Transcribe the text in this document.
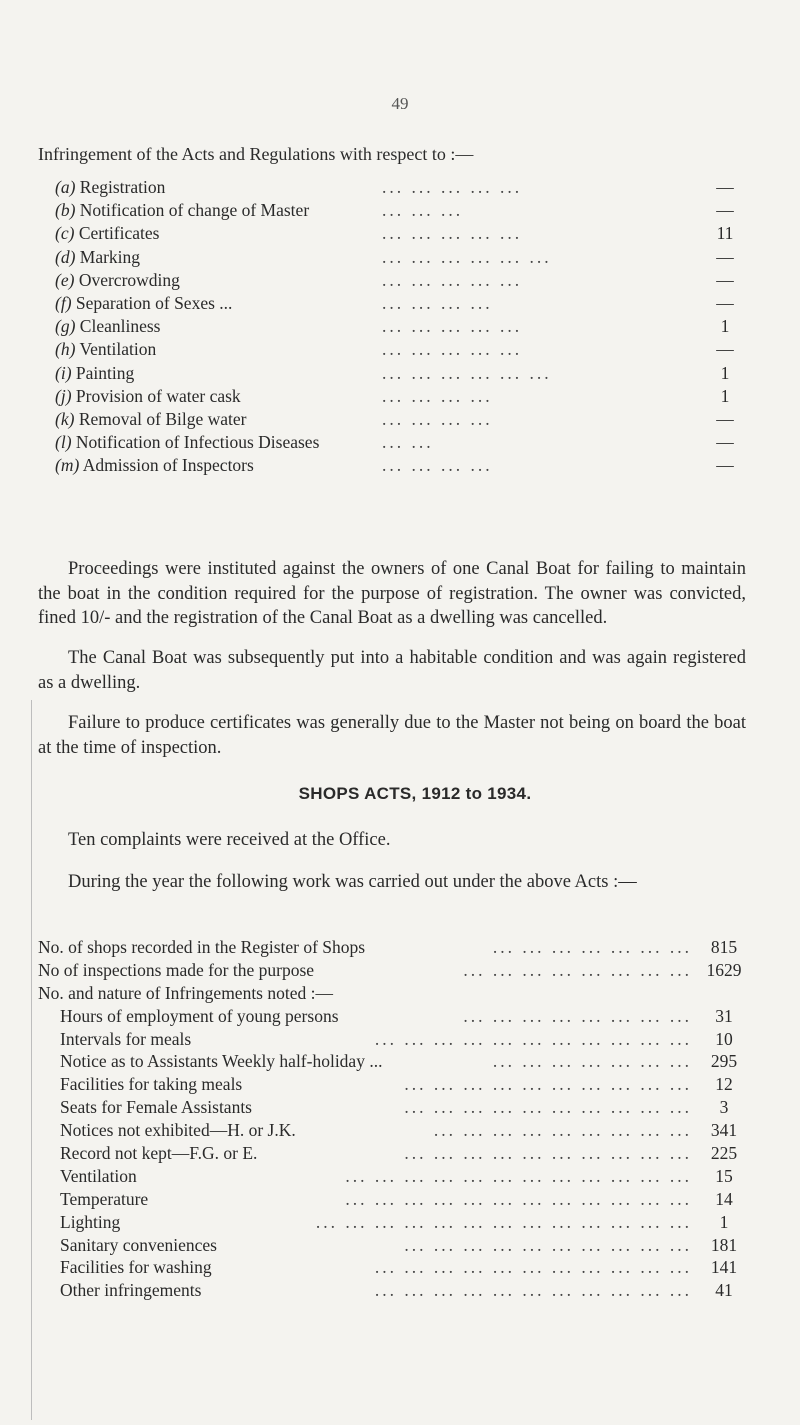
49
Infringement of the Acts and Regulations with respect to :—
(a) Registration	... ... ... ... ...	—
(b) Notification of change of Master	... ... ...	—
(c) Certificates	... ... ... ... ...	11
(d) Marking	... ... ... ... ... ...	—
(e) Overcrowding	... ... ... ... ...	—
(f) Separation of Sexes ...	... ... ... ...	—
(g) Cleanliness	... ... ... ... ...	1
(h) Ventilation	... ... ... ... ...	—
(i) Painting	... ... ... ... ... ...	1
(j) Provision of water cask	... ... ... ...	1
(k) Removal of Bilge water	... ... ... ...	—
(l) Notification of Infectious Diseases	... ...	—
(m) Admission of Inspectors	... ... ... ...	—
Proceedings were instituted against the owners of one Canal Boat for failing to maintain the boat in the condition required for the purpose of registration. The owner was convicted, fined 10/- and the registration of the Canal Boat as a dwelling was cancelled.
The Canal Boat was subsequently put into a habitable condition and was again registered as a dwelling.
Failure to produce certificates was generally due to the Master not being on board the boat at the time of inspection.
SHOPS ACTS, 1912 to 1934.
Ten complaints were received at the Office.
During the year the following work was carried out under the above Acts :—
No. of shops recorded in the Register of Shops	815
... ... ... ... ... ... ...
No of inspections made for the purpose	1629
... ... ... ... ... ... ... ...
No. and nature of Infringements noted :—
Hours of employment of young persons	31
... ... ... ... ... ... ... ...
Intervals for meals	10
... ... ... ... ... ... ... ... ... ... ...
Notice as to Assistants Weekly half-holiday ...	295
... ... ... ... ... ... ...
Facilities for taking meals	12
... ... ... ... ... ... ... ... ... ...
Seats for Female Assistants	3
... ... ... ... ... ... ... ... ... ...
Notices not exhibited—H. or J.K.	341
... ... ... ... ... ... ... ... ...
Record not kept—F.G. or E.	225
... ... ... ... ... ... ... ... ... ...
Ventilation	15
... ... ... ... ... ... ... ... ... ... ... ...
Temperature	14
... ... ... ... ... ... ... ... ... ... ... ...
Lighting	1
... ... ... ... ... ... ... ... ... ... ... ... ...
Sanitary conveniences	181
... ... ... ... ... ... ... ... ... ...
Facilities for washing	141
... ... ... ... ... ... ... ... ... ... ...
Other infringements	41
... ... ... ... ... ... ... ... ... ... ...
